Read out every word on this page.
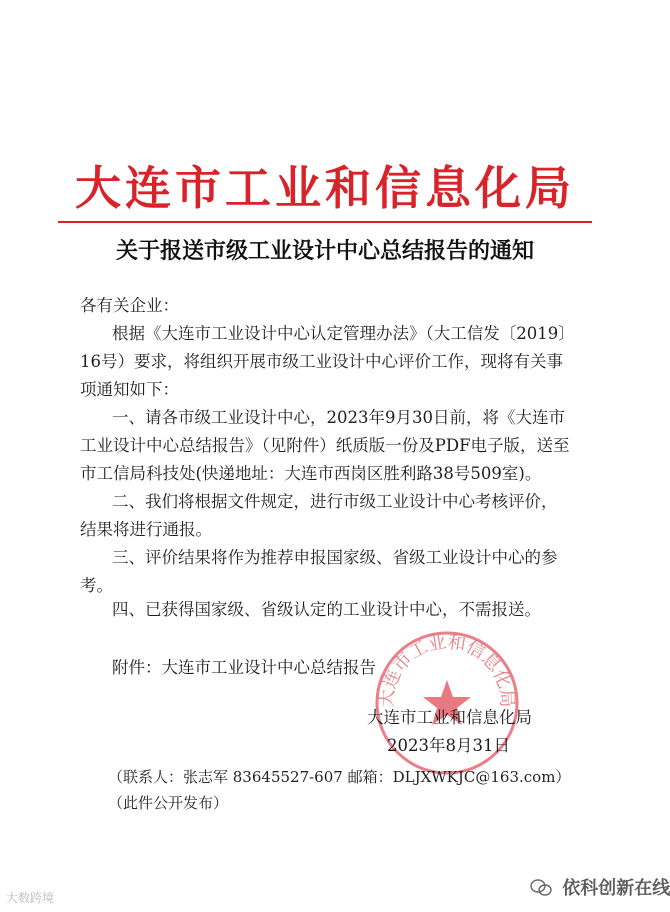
大连市工业和信息化局
关于报送市级工业设计中心总结报告的通知
各有关企业：
根据《大连市工业设计中心认定管理办法》（大工信发〔2019〕
16号）要求，将组织开展市级工业设计中心评价工作，现将有关事
项通知如下：
一、请各市级工业设计中心，2023年9月30日前，将《大连市
工业设计中心总结报告》（见附件）纸质版一份及PDF电子版，送至
市工信局科技处(快递地址：大连市西岗区胜利路38号509室)。
二、我们将根据文件规定，进行市级工业设计中心考核评价，
结果将进行通报。
三、评价结果将作为推荐申报国家级、省级工业设计中心的参
考。
四、已获得国家级、省级认定的工业设计中心，不需报送。
附件：大连市工业设计中心总结报告
大连市工业和信息化局
大连市工业和信息化局
2023年8月31日
（联系人：张志军 83645527-607 邮箱：DLJXWKJC@163.com）
（此件公开发布）
大数跨境	依科创新在线
